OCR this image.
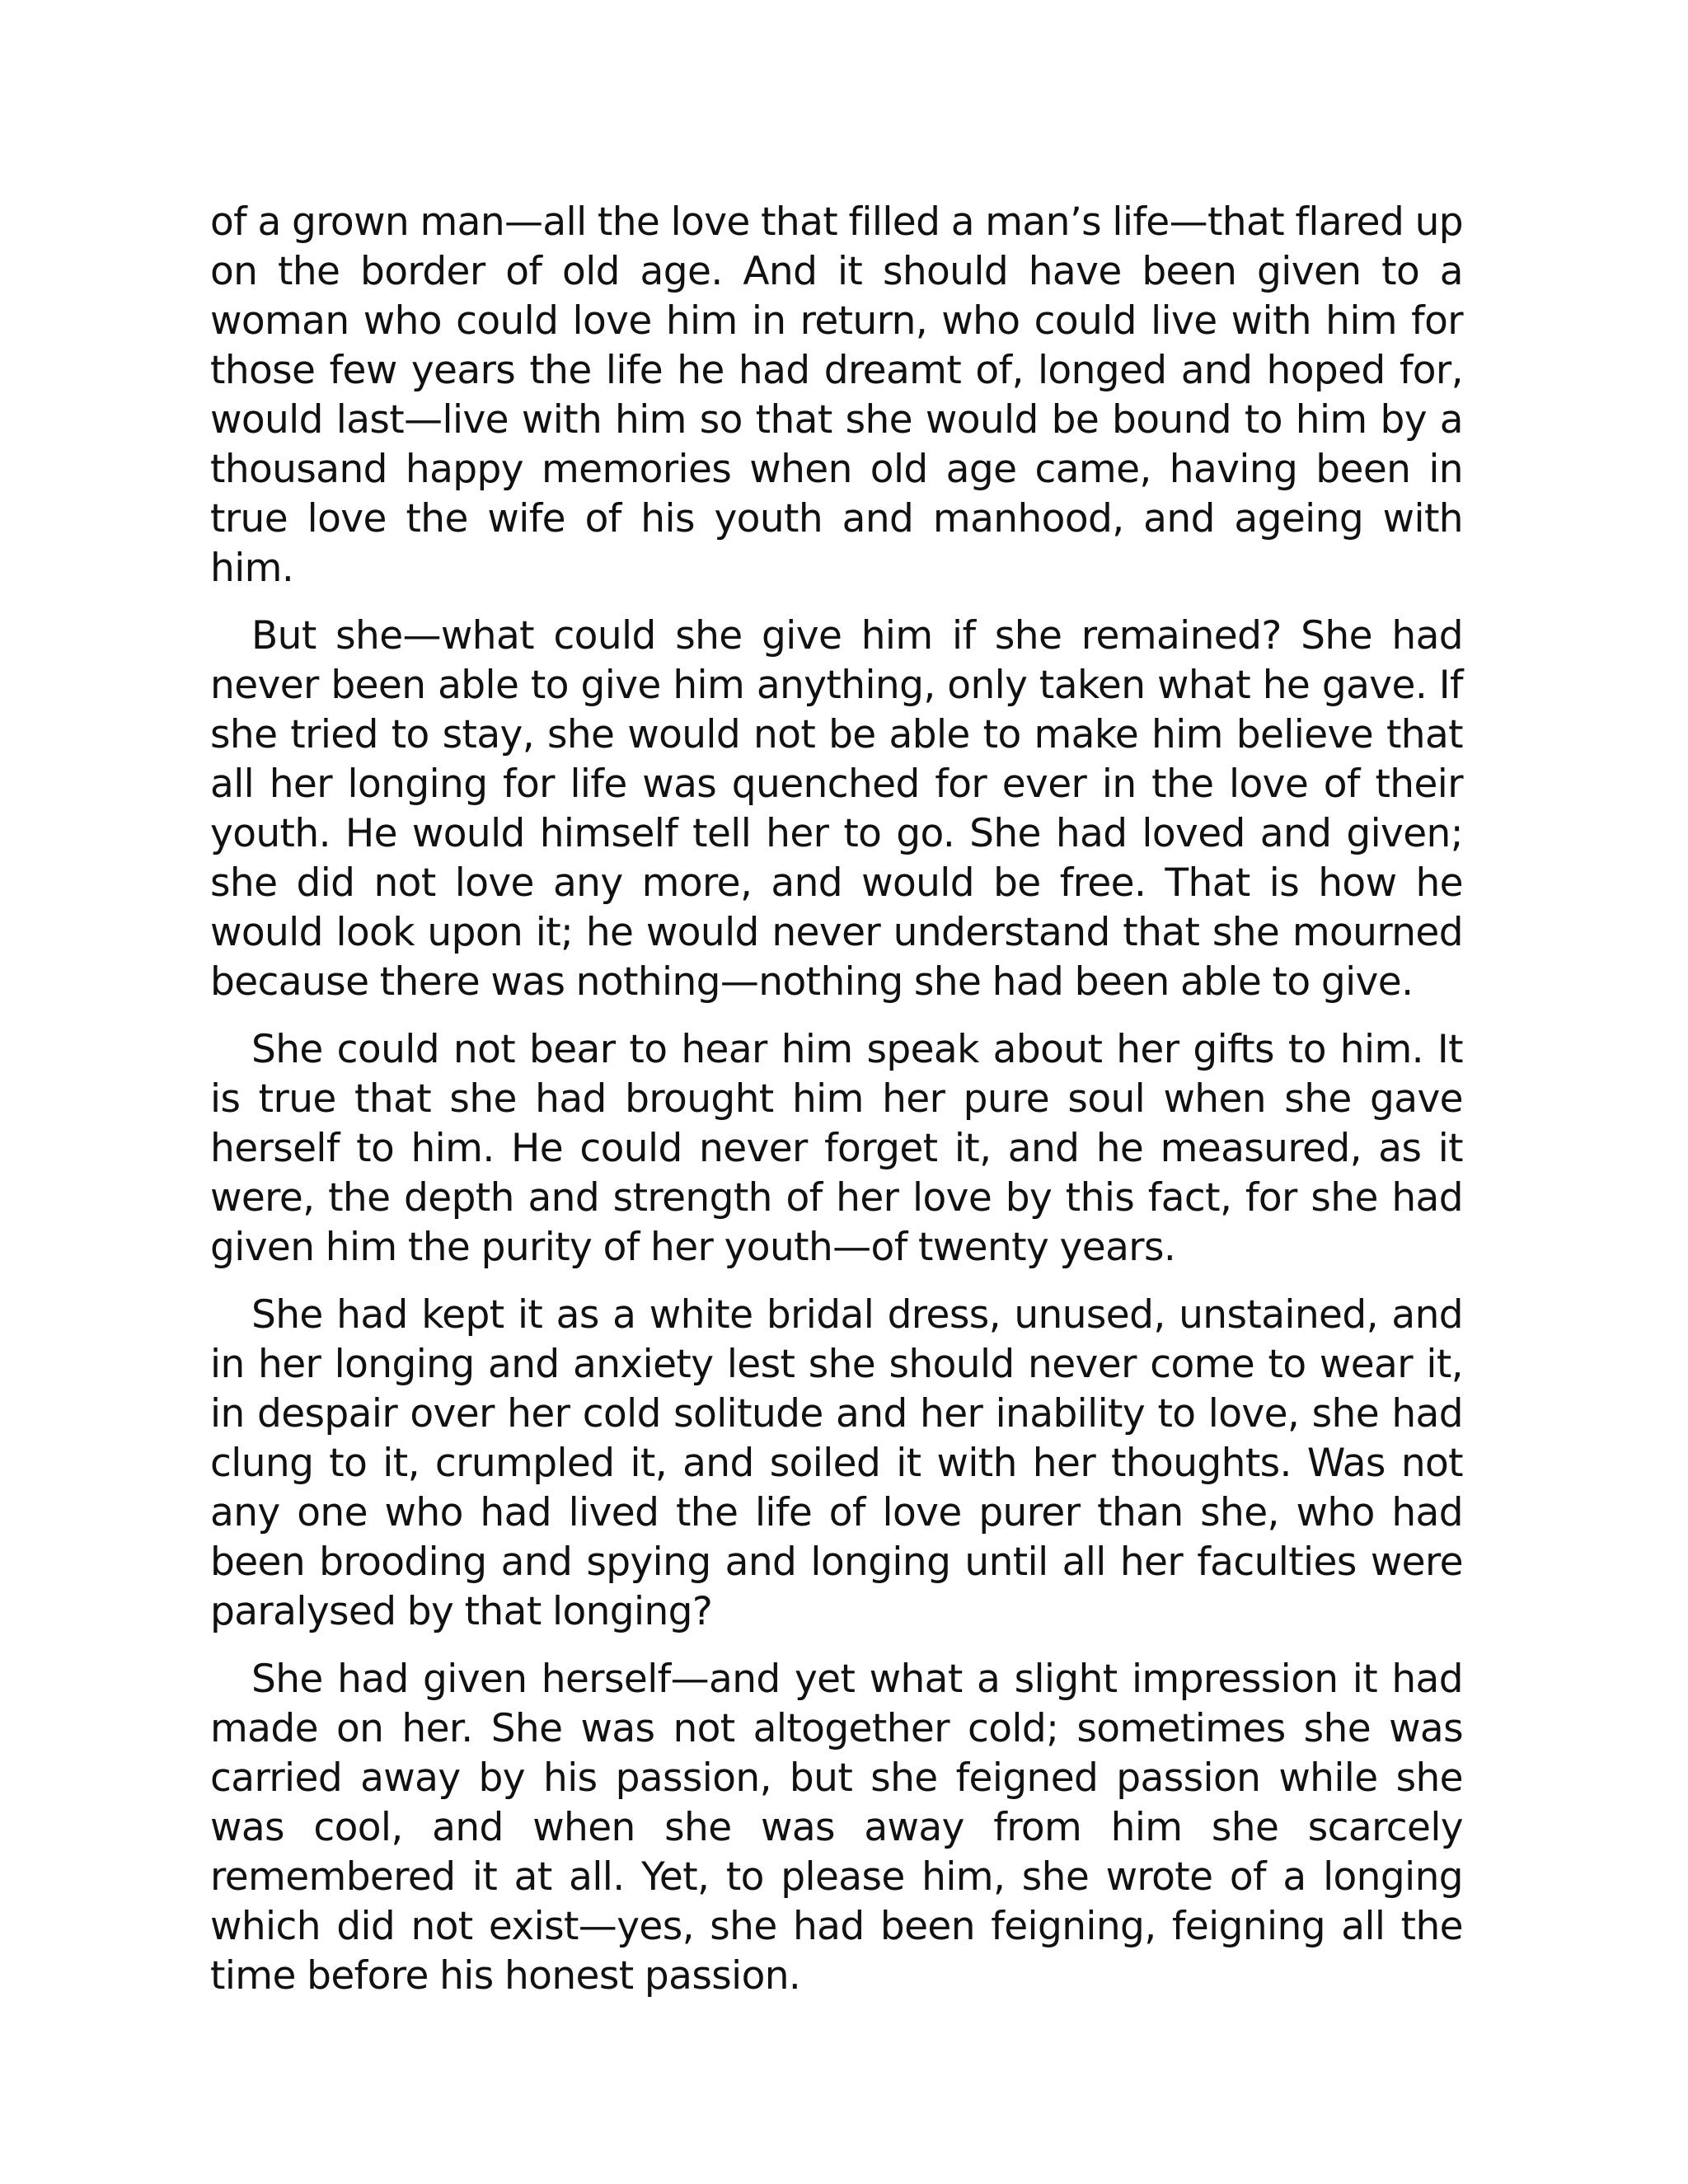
of a grown man—all the love that filled a man’s life—that flared up on the border of old age. And it should have been given to a woman who could love him in return, who could live with him for those few years the life he had dreamt of, longed and hoped for, would last—live with him so that she would be bound to him by a thousand happy memories when old age came, having been in true love the wife of his youth and manhood, and ageing with him.

But she—what could she give him if she remained? She had never been able to give him anything, only taken what he gave. If she tried to stay, she would not be able to make him believe that all her longing for life was quenched for ever in the love of their youth. He would himself tell her to go. She had loved and given; she did not love any more, and would be free. That is how he would look upon it; he would never understand that she mourned because there was nothing—nothing she had been able to give.

She could not bear to hear him speak about her gifts to him. It is true that she had brought him her pure soul when she gave herself to him. He could never forget it, and he measured, as it were, the depth and strength of her love by this fact, for she had given him the purity of her youth—of twenty years.

She had kept it as a white bridal dress, unused, unstained, and in her longing and anxiety lest she should never come to wear it, in despair over her cold solitude and her inability to love, she had clung to it, crumpled it, and soiled it with her thoughts. Was not any one who had lived the life of love purer than she, who had been brooding and spying and longing until all her faculties were paralysed by that longing?

She had given herself—and yet what a slight impression it had made on her. She was not altogether cold; sometimes she was carried away by his passion, but she feigned passion while she was cool, and when she was away from him she scarcely remembered it at all. Yet, to please him, she wrote of a longing which did not exist—yes, she had been feigning, feigning all the time before his honest passion.
